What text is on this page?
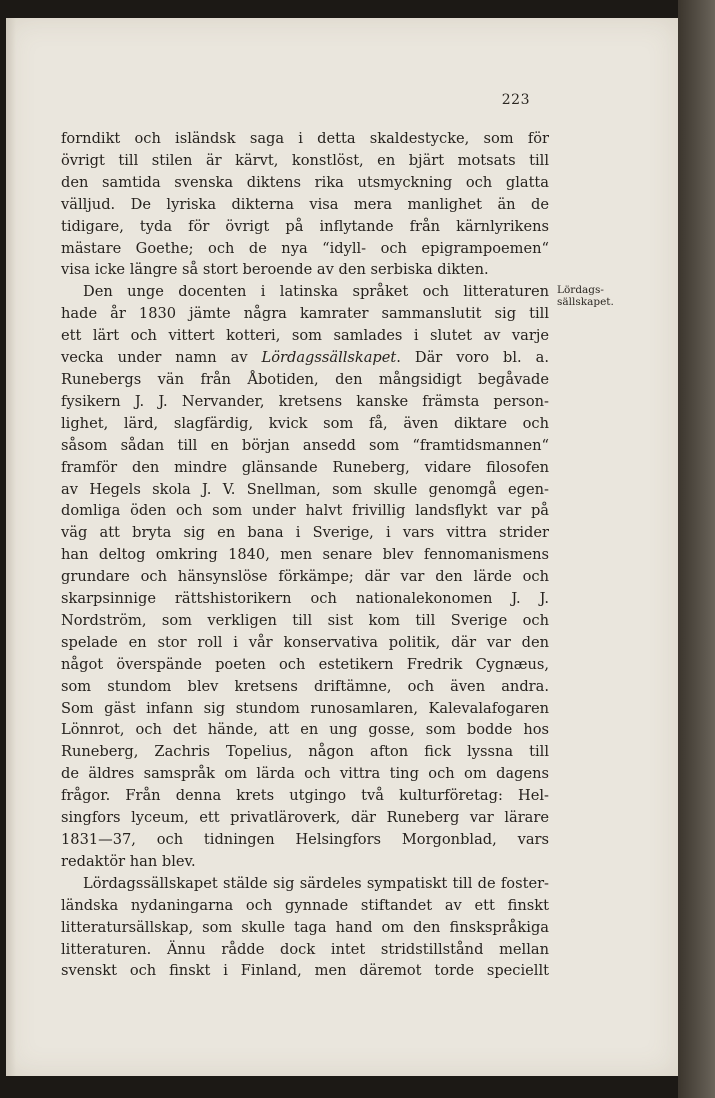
223
Lördags-
sällskapet.
forndikt och isländsk saga i detta skaldestycke, som för
övrigt till stilen är kärvt, konstlöst, en bjärt motsats till
den samtida svenska diktens rika utsmyckning och glatta
välljud. De lyriska dikterna visa mera manlighet än de
tidigare, tyda för övrigt på inflytande från kärnlyrikens
mästare Goethe; och de nya “idyll- och epigrampoemen“
visa icke längre så stort beroende av den serbiska dikten.
Den unge docenten i latinska språket och litteraturen
hade år 1830 jämte några kamrater sammanslutit sig till
ett lärt och vittert kotteri, som samlades i slutet av varje
vecka under namn av Lördagssällskapet. Där voro bl. a.
Runebergs vän från Åbotiden, den mångsidigt begåvade
fysikern J. J. Nervander, kretsens kanske främsta person-
lighet, lärd, slagfärdig, kvick som få, även diktare och
såsom sådan till en början ansedd som “framtidsmannen“
framför den mindre glänsande Runeberg, vidare filosofen
av Hegels skola J. V. Snellman, som skulle genomgå egen-
domliga öden och som under halvt frivillig landsflykt var på
väg att bryta sig en bana i Sverige, i vars vittra strider
han deltog omkring 1840, men senare blev fennomanismens
grundare och hänsynslöse förkämpe; där var den lärde och
skarpsinnige rättshistorikern och nationalekonomen J. J.
Nordström, som verkligen till sist kom till Sverige och
spelade en stor roll i vår konservativa politik, där var den
något överspände poeten och estetikern Fredrik Cygnæus,
som stundom blev kretsens driftämne, och även andra.
Som gäst infann sig stundom runosamlaren, Kalevalafogaren
Lönnrot, och det hände, att en ung gosse, som bodde hos
Runeberg, Zachris Topelius, någon afton fick lyssna till
de äldres samspråk om lärda och vittra ting och om dagens
frågor. Från denna krets utgingo två kulturföretag: Hel-
singfors lyceum, ett privatläroverk, där Runeberg var lärare
1831—37, och tidningen Helsingfors Morgonblad, vars
redaktör han blev.
Lördagssällskapet stälde sig särdeles sympatiskt till de foster-
ländska nydaningarna och gynnade stiftandet av ett finskt
litteratursällskap, som skulle taga hand om den finskspråkiga
litteraturen. Ännu rådde dock intet stridstillstånd mellan
svenskt och finskt i Finland, men däremot torde speciellt
